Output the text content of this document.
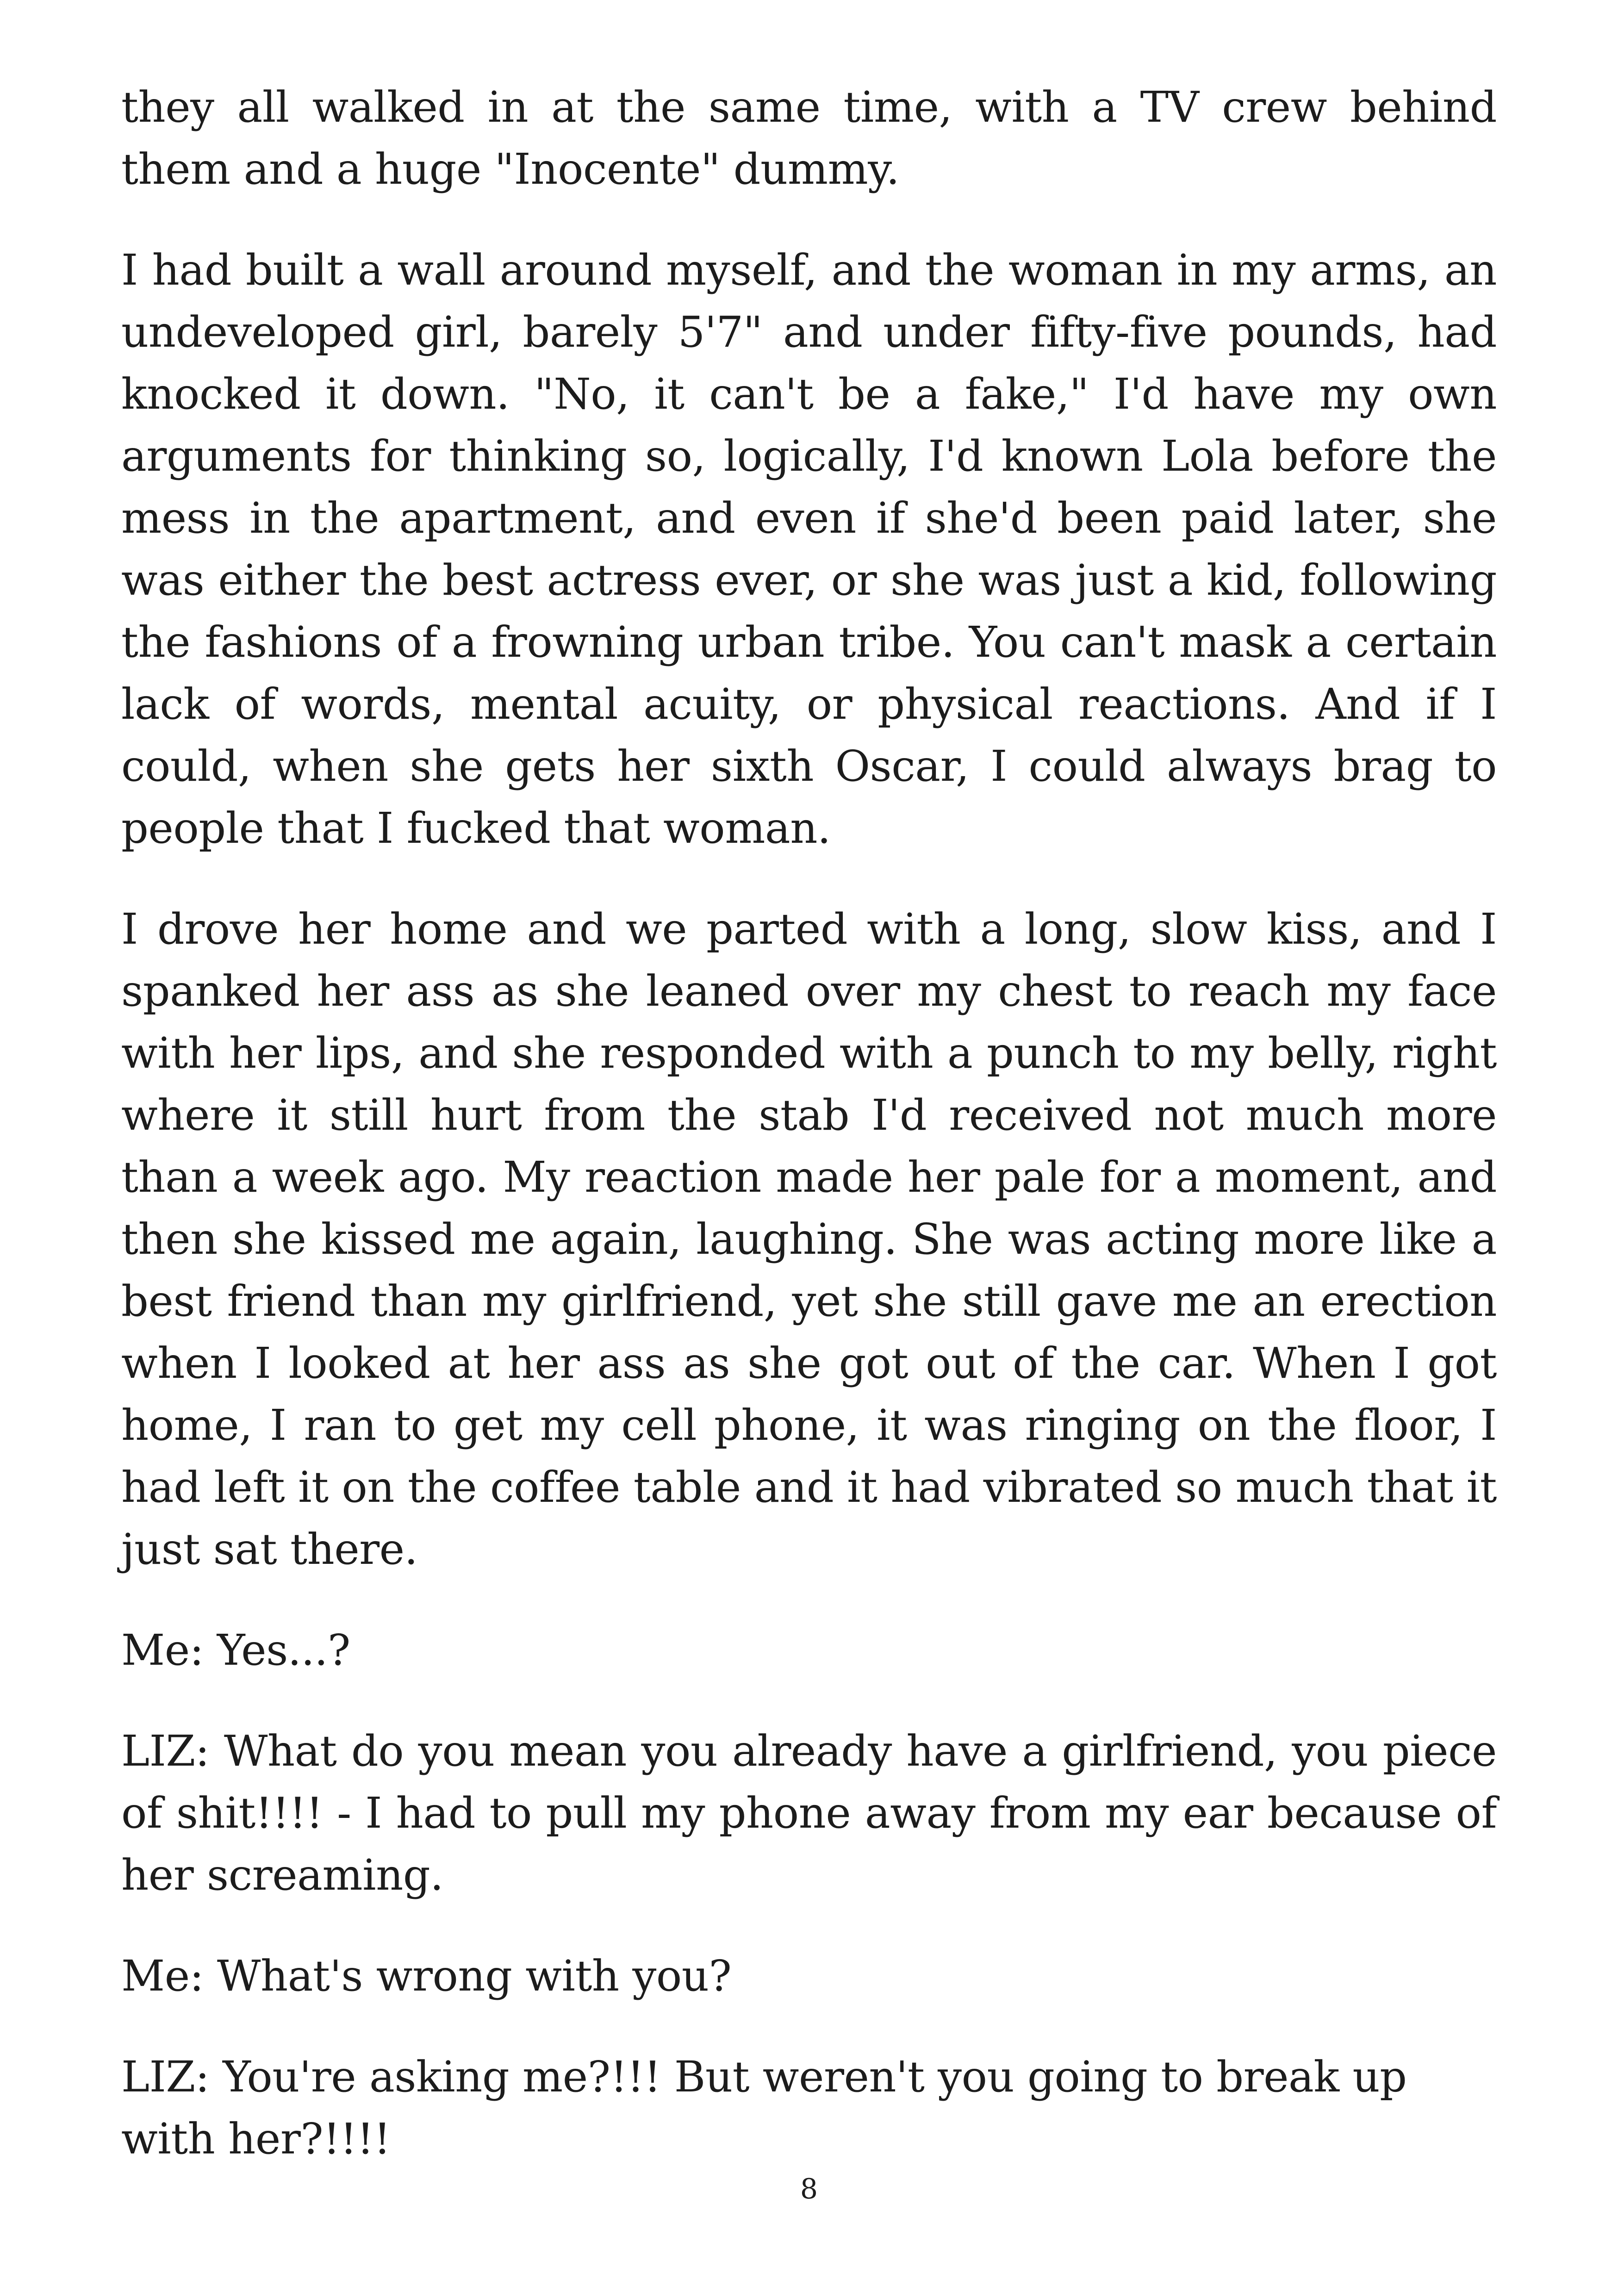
they all walked in at the same time, with a TV crew behind them and a huge "Inocente" dummy.

I had built a wall around myself, and the woman in my arms, an undeveloped girl, barely 5'7" and under fifty-five pounds, had knocked it down. "No, it can't be a fake," I'd have my own arguments for thinking so, logically, I'd known Lola before the mess in the apartment, and even if she'd been paid later, she was either the best actress ever, or she was just a kid, following the fashions of a frowning urban tribe. You can't mask a certain lack of words, mental acuity, or physical reactions. And if I could, when she gets her sixth Oscar, I could always brag to people that I fucked that woman.

I drove her home and we parted with a long, slow kiss, and I spanked her ass as she leaned over my chest to reach my face with her lips, and she responded with a punch to my belly, right where it still hurt from the stab I'd received not much more than a week ago. My reaction made her pale for a moment, and then she kissed me again, laughing. She was acting more like a best friend than my girlfriend, yet she still gave me an erection when I looked at her ass as she got out of the car. When I got home, I ran to get my cell phone, it was ringing on the floor, I had left it on the coffee table and it had vibrated so much that it just sat there.

Me: Yes...?

LIZ: What do you mean you already have a girlfriend, you piece of shit!!!! - I had to pull my phone away from my ear because of her screaming.

Me: What's wrong with you?

LIZ: You're asking me?!!! But weren't you going to break up with her?!!!!

8
